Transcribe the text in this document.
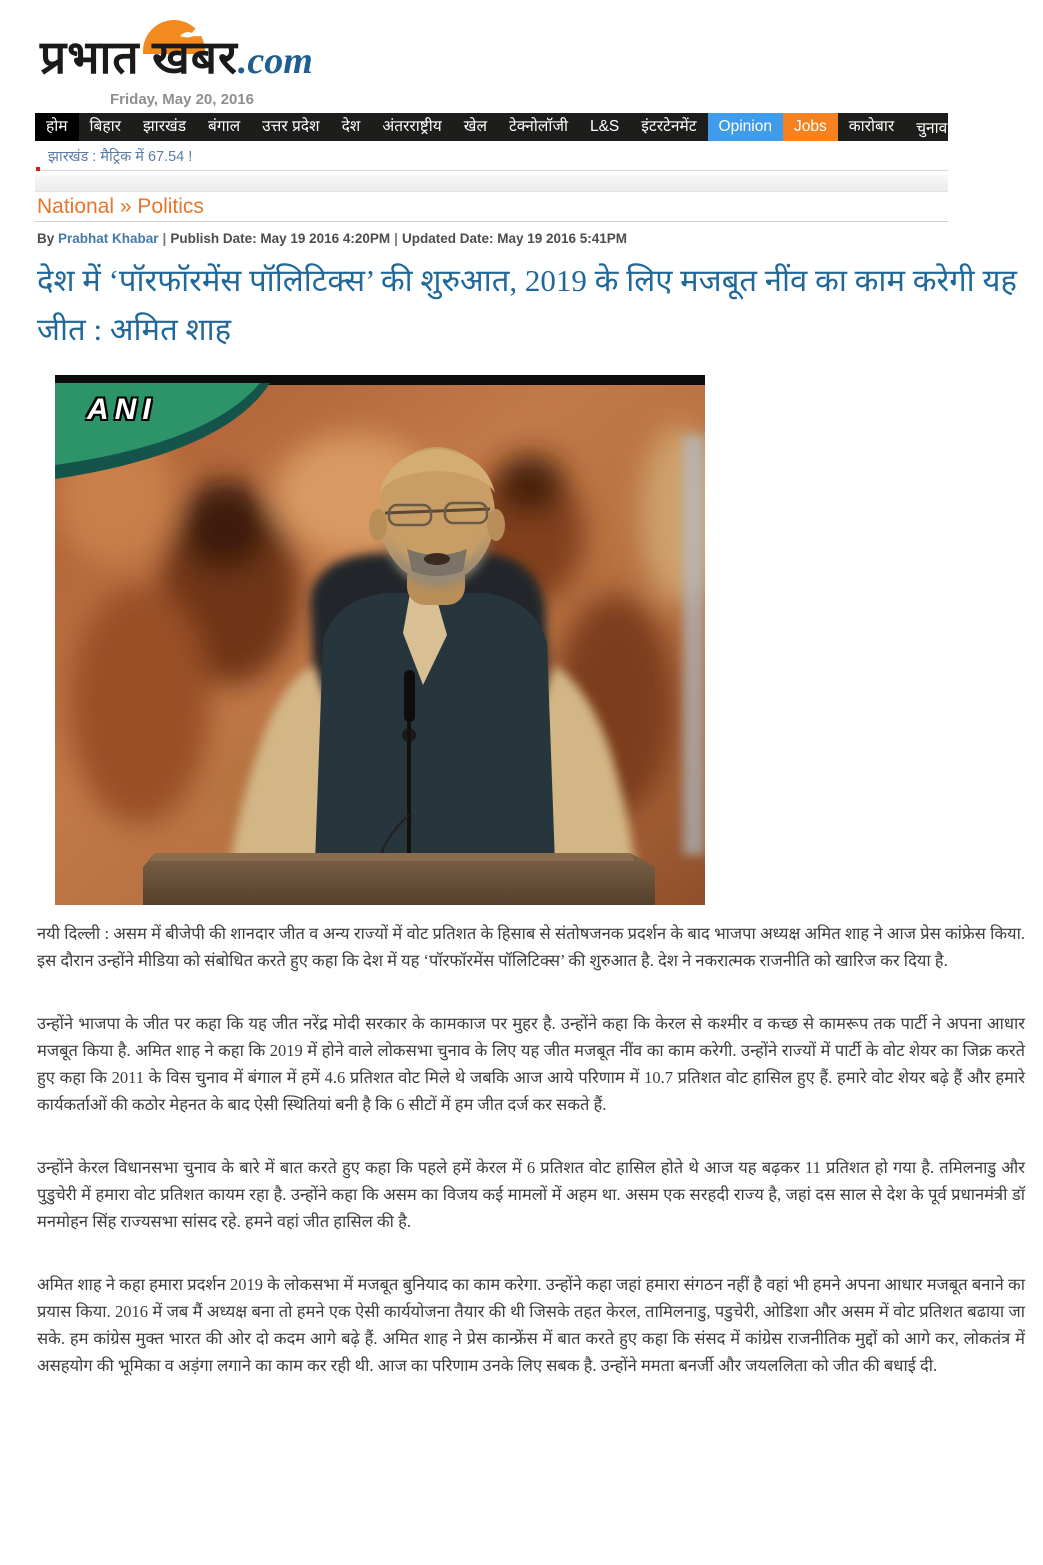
प्रभात खबर.com
Friday, May 20, 2016
होम	बिहार	झारखंड	बंगाल	उत्तर प्रदेश	देश	अंतरराष्ट्रीय	खेल	टेक्नोलॉजी	L&S	इंटरटेनमेंट	Opinion	Jobs	कारोबार	चुनाव 2016
झारखंड : मैट्रिक में 67.54 !
National » Politics
By Prabhat Khabar | Publish Date: May 19 2016 4:20PM | Updated Date: May 19 2016 5:41PM
देश में ‘पॉरफॉरमेंस पॉलिटिक्स’ की शुरुआत, 2019 के लिए मजबूत नींव का काम करेगी यह जीत : अमित शाह
ANI

नयी दिल्ली : असम में बीजेपी की शानदार जीत व अन्य राज्यों में वोट प्रतिशत के हिसाब से संतोषजनक प्रदर्शन के बाद भाजपा अध्यक्ष अमित शाह ने आज प्रेस कांफ्रेस किया. इस दौरान उन्होंने मीडिया को संबोधित करते हुए कहा कि देश में यह ‘पॉरफॉरमेंस पॉलिटिक्स’ की शुरुआत है. देश ने नकरात्मक राजनीति को खारिज कर दिया है.

उन्होंने भाजपा के जीत पर कहा कि यह जीत नरेंद्र मोदी सरकार के कामकाज पर मुहर है. उन्होंने कहा कि केरल से कश्मीर व कच्छ से कामरूप तक पार्टी ने अपना आधार मजबूत किया है. अमित शाह ने कहा कि 2019 में होने वाले लोकसभा चुनाव के लिए यह जीत मजबूत नींव का काम करेगी. उन्होंने राज्यों में पार्टी के वोट शेयर का जिक्र करते हुए कहा कि 2011 के विस चुनाव में बंगाल में हमें 4.6 प्रतिशत वोट मिले थे जबकि आज आये परिणाम में 10.7 प्रतिशत वोट हासिल हुए हैं. हमारे वोट शेयर बढ़े हैं और हमारे कार्यकर्ताओं की कठोर मेहनत के बाद ऐसी स्थितियां बनी है कि 6 सीटों में हम जीत दर्ज कर सकते हैं.

उन्होंने केरल विधानसभा चुनाव के बारे में बात करते हुए कहा कि पहले हमें केरल में 6 प्रतिशत वोट हासिल होते थे आज यह बढ़कर 11 प्रतिशत हो गया है. तमिलनाडु और पुडुचेरी में हमारा वोट प्रतिशत कायम रहा है. उन्होंने कहा कि असम का विजय कई मामलों में अहम था. असम एक सरहदी राज्य है, जहां दस साल से देश के पूर्व प्रधानमंत्री डॉ मनमोहन सिंह राज्यसभा सांसद रहे. हमने वहां जीत हासिल की है.

अमित शाह ने कहा हमारा प्रदर्शन 2019 के लोकसभा में मजबूत बुनियाद का काम करेगा. उन्होंने कहा जहां हमारा संगठन नहीं है वहां भी हमने अपना आधार मजबूत बनाने का प्रयास किया. 2016 में जब मैं अध्यक्ष बना तो हमने एक ऐसी कार्ययोजना तैयार की थी जिसके तहत केरल, तामिलनाडु, पडुचेरी, ओडिशा और असम में वोट प्रतिशत बढाया जा सके. हम कांग्रेस मुक्त भारत की ओर दो कदम आगे बढ़े हैं. अमित शाह ने प्रेस कान्फ्रेंस में बात करते हुए कहा कि संसद में कांग्रेस राजनीतिक मुद्दों को आगे कर, लोकतंत्र में असहयोग की भूमिका व अड़ंगा लगाने का काम कर रही थी. आज का परिणाम उनके लिए सबक है. उन्होंने ममता बनर्जी और जयललिता को जीत की बधाई दी.
